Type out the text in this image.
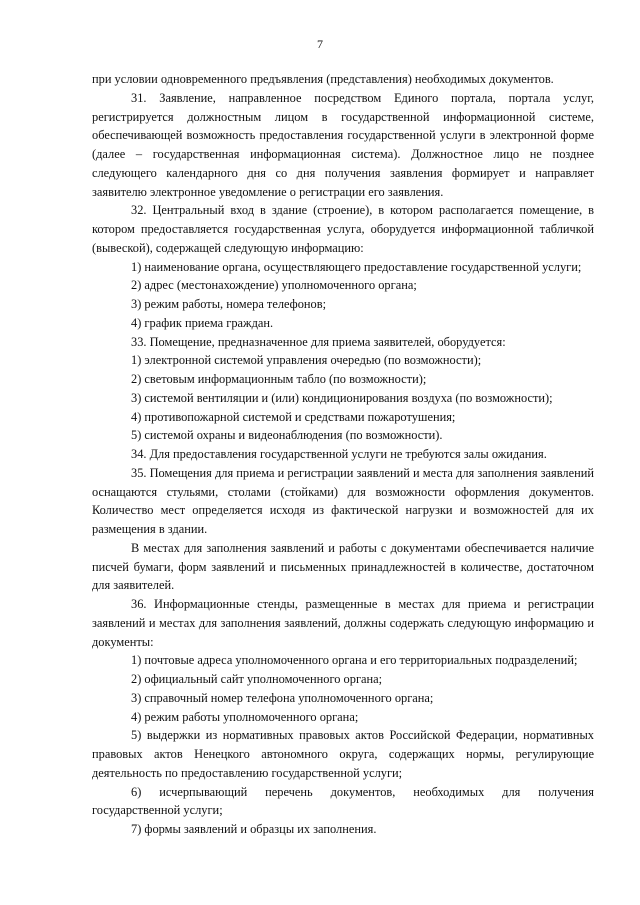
7

при условии одновременного предъявления (представления) необходимых документов.

31. Заявление, направленное посредством Единого портала, портала услуг, регистрируется должностным лицом в государственной информационной системе, обеспечивающей возможность предоставления государственной услуги в электронной форме (далее – государственная информационная система). Должностное лицо не позднее следующего календарного дня со дня получения заявления формирует и направляет заявителю электронное уведомление о регистрации его заявления.

32. Центральный вход в здание (строение), в котором располагается помещение, в котором предоставляется государственная услуга, оборудуется информационной табличкой (вывеской), содержащей следующую информацию:

1) наименование органа, осуществляющего предоставление государственной услуги;

2) адрес (местонахождение) уполномоченного органа;

3) режим работы, номера телефонов;

4) график приема граждан.

33. Помещение, предназначенное для приема заявителей, оборудуется:

1) электронной системой управления очередью (по возможности);

2) световым информационным табло (по возможности);

3) системой вентиляции и (или) кондиционирования воздуха (по возможности);

4) противопожарной системой и средствами пожаротушения;

5) системой охраны и видеонаблюдения (по возможности).

34. Для предоставления государственной услуги не требуются залы ожидания.

35. Помещения для приема и регистрации заявлений и места для заполнения заявлений оснащаются стульями, столами (стойками) для возможности оформления документов. Количество мест определяется исходя из фактической нагрузки и возможностей для их размещения в здании.

В местах для заполнения заявлений и работы с документами обеспечивается наличие писчей бумаги, форм заявлений и письменных принадлежностей в количестве, достаточном для заявителей.

36. Информационные стенды, размещенные в местах для приема и регистрации заявлений и местах для заполнения заявлений, должны содержать следующую информацию и документы:

1) почтовые адреса уполномоченного органа и его территориальных подразделений;

2) официальный сайт уполномоченного органа;

3) справочный номер телефона уполномоченного органа;

4) режим работы уполномоченного органа;

5) выдержки из нормативных правовых актов Российской Федерации, нормативных правовых актов Ненецкого автономного округа, содержащих нормы, регулирующие деятельность по предоставлению государственной услуги;

6) исчерпывающий перечень документов, необходимых для получения государственной услуги;

7) формы заявлений и образцы их заполнения.
